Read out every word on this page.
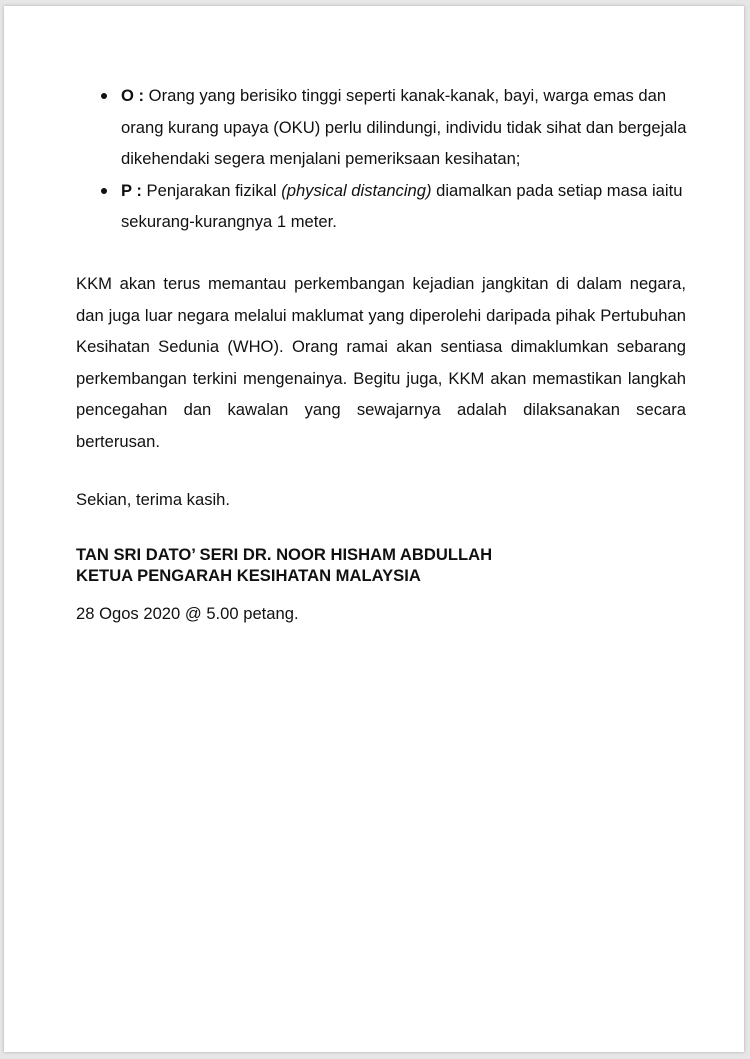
O : Orang yang berisiko tinggi seperti kanak-kanak, bayi, warga emas dan orang kurang upaya (OKU) perlu dilindungi, individu tidak sihat dan bergejala dikehendaki segera menjalani pemeriksaan kesihatan;
P : Penjarakan fizikal (physical distancing) diamalkan pada setiap masa iaitu sekurang-kurangnya 1 meter.

KKM akan terus memantau perkembangan kejadian jangkitan di dalam negara, dan juga luar negara melalui maklumat yang diperolehi daripada pihak Pertubuhan Kesihatan Sedunia (WHO). Orang ramai akan sentiasa dimaklumkan sebarang perkembangan terkini mengenainya. Begitu juga, KKM akan memastikan langkah pencegahan dan kawalan yang sewajarnya adalah dilaksanakan secara berterusan.

Sekian, terima kasih.

TAN SRI DATO’ SERI DR. NOOR HISHAM ABDULLAH
KETUA PENGARAH KESIHATAN MALAYSIA

28 Ogos 2020 @ 5.00 petang.
